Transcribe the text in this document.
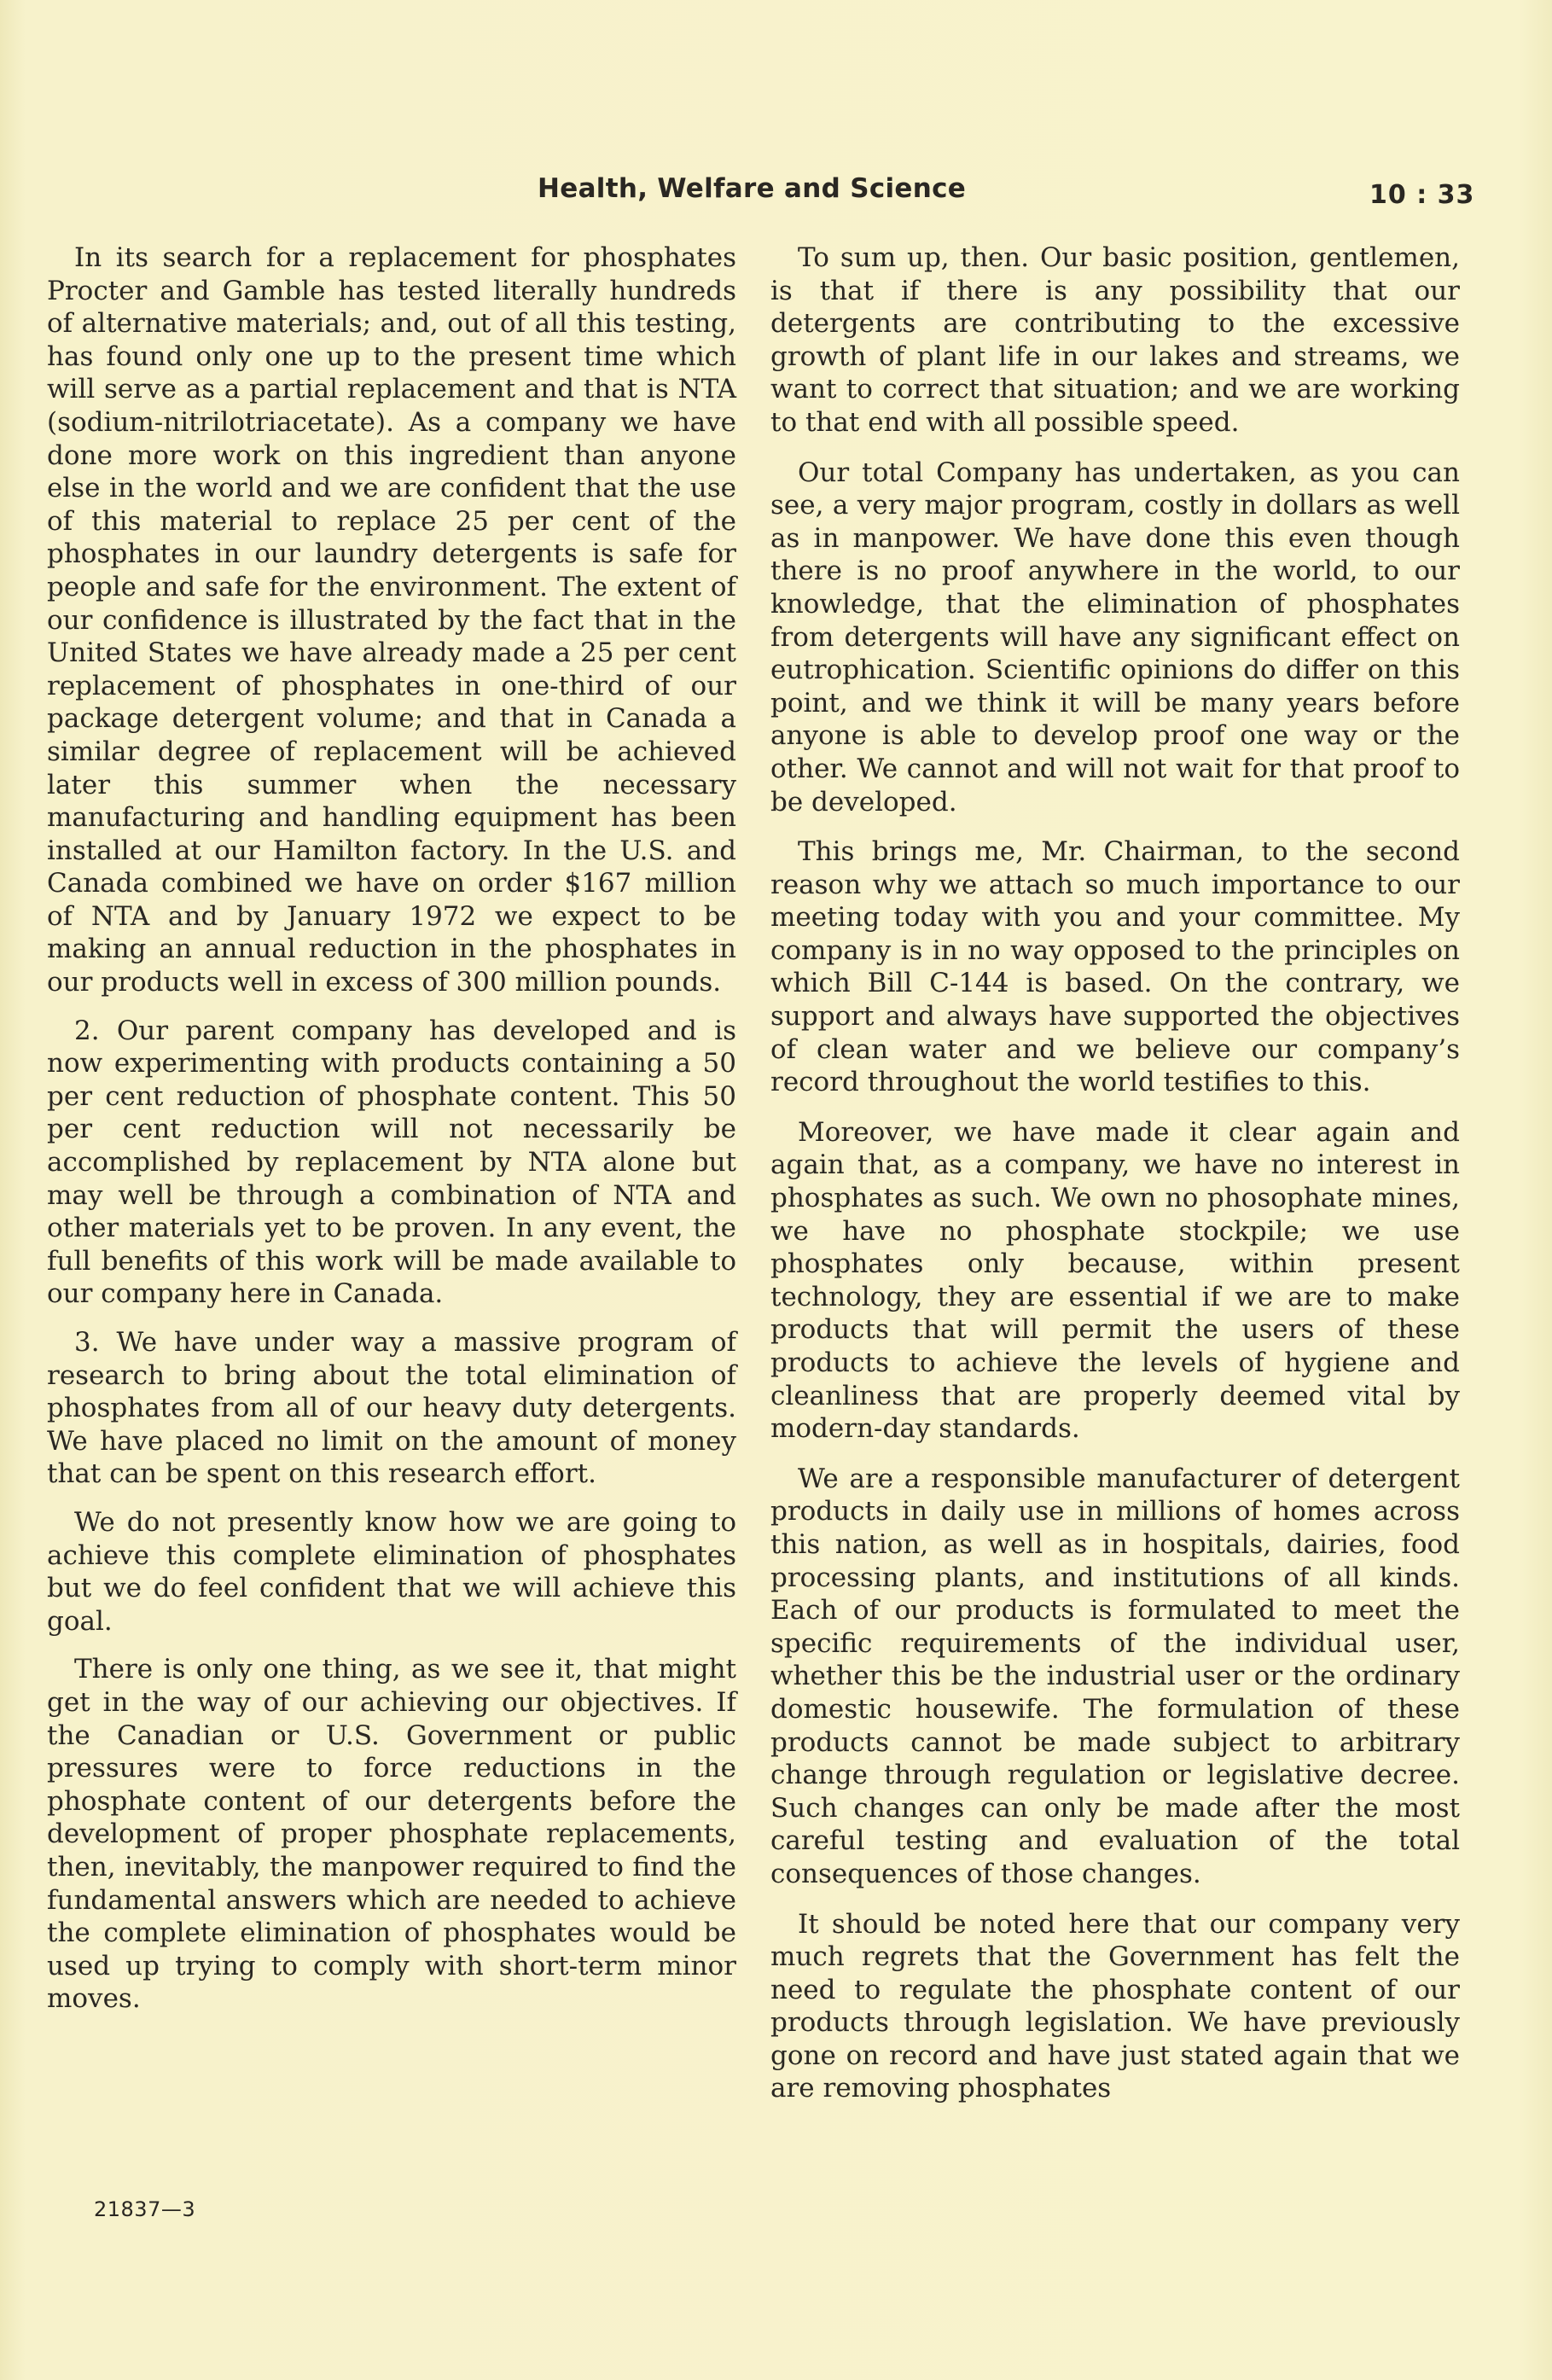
Health, Welfare and Science	10 : 33

In its search for a replacement for phosphates Procter and Gamble has tested literally hundreds of alternative materials; and, out of all this testing, has found only one up to the present time which will serve as a partial replacement and that is NTA (sodium-nitrilotriacetate). As a company we have done more work on this ingredient than anyone else in the world and we are confident that the use of this material to replace 25 per cent of the phosphates in our laundry detergents is safe for people and safe for the environment. The extent of our confidence is illustrated by the fact that in the United States we have already made a 25 per cent replacement of phosphates in one-third of our package detergent volume; and that in Canada a similar degree of replacement will be achieved later this summer when the necessary manufacturing and handling equipment has been installed at our Hamilton factory. In the U.S. and Canada combined we have on order $167 million of NTA and by January 1972 we expect to be making an annual reduction in the phosphates in our products well in excess of 300 million pounds.

2. Our parent company has developed and is now experimenting with products containing a 50 per cent reduction of phosphate content. This 50 per cent reduction will not necessarily be accomplished by replacement by NTA alone but may well be through a combination of NTA and other materials yet to be proven. In any event, the full benefits of this work will be made available to our company here in Canada.

3. We have under way a massive program of research to bring about the total elimination of phosphates from all of our heavy duty detergents. We have placed no limit on the amount of money that can be spent on this research effort.

We do not presently know how we are going to achieve this complete elimination of phosphates but we do feel confident that we will achieve this goal.

There is only one thing, as we see it, that might get in the way of our achieving our objectives. If the Canadian or U.S. Government or public pressures were to force reductions in the phosphate content of our detergents before the development of proper phosphate replacements, then, inevitably, the manpower required to find the fundamental answers which are needed to achieve the complete elimination of phosphates would be used up trying to comply with short-term minor moves.

To sum up, then. Our basic position, gentlemen, is that if there is any possibility that our detergents are contributing to the excessive growth of plant life in our lakes and streams, we want to correct that situation; and we are working to that end with all possible speed.

Our total Company has undertaken, as you can see, a very major program, costly in dollars as well as in manpower. We have done this even though there is no proof anywhere in the world, to our knowledge, that the elimination of phosphates from detergents will have any significant effect on eutrophication. Scientific opinions do differ on this point, and we think it will be many years before anyone is able to develop proof one way or the other. We cannot and will not wait for that proof to be developed.

This brings me, Mr. Chairman, to the second reason why we attach so much importance to our meeting today with you and your committee. My company is in no way opposed to the principles on which Bill C-144 is based. On the contrary, we support and always have supported the objectives of clean water and we believe our company’s record throughout the world testifies to this.

Moreover, we have made it clear again and again that, as a company, we have no interest in phosphates as such. We own no phosophate mines, we have no phosphate stockpile; we use phosphates only because, within present technology, they are essential if we are to make products that will permit the users of these products to achieve the levels of hygiene and cleanliness that are properly deemed vital by modern-day standards.

We are a responsible manufacturer of detergent products in daily use in millions of homes across this nation, as well as in hospitals, dairies, food processing plants, and institutions of all kinds. Each of our products is formulated to meet the specific requirements of the individual user, whether this be the industrial user or the ordinary domestic housewife. The formulation of these products cannot be made subject to arbitrary change through regulation or legislative decree. Such changes can only be made after the most careful testing and evaluation of the total consequences of those changes.

It should be noted here that our company very much regrets that the Government has felt the need to regulate the phosphate content of our products through legislation. We have previously gone on record and have just stated again that we are removing phosphates

21837—3
